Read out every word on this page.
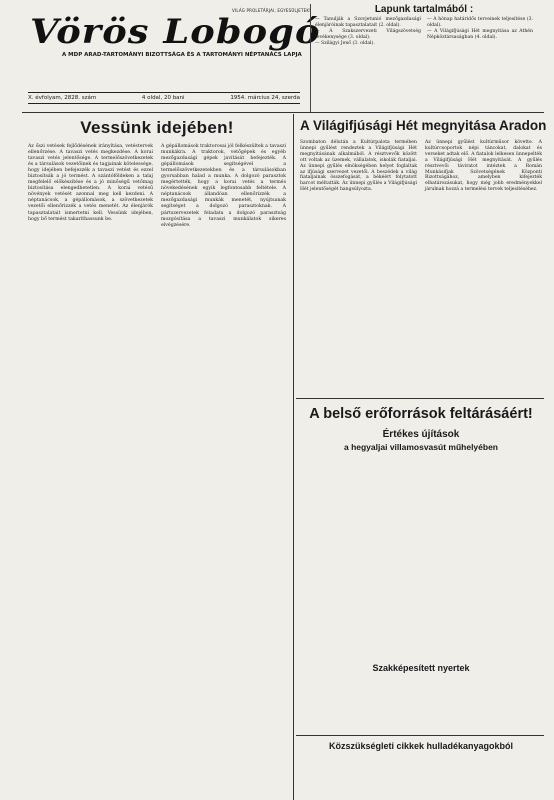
VILÁG PROLETÁRJAI, EGYESÜLJETEK!
Vörös Lobogó
A MDP ARAD-TARTOMÁNYI BIZOTTSÁGA ÉS A TARTOMÁNYI NÉPTANÁCS LAPJA
X. évfolyam, 2828. szám	4 oldal, 20 bani	1954. március 24, szerda
Lapunk tartalmából :
— Tanulják a Szovjetunió mezőgazdasági élenjáróinak tapasztalatait (2. oldal).
— A Szakszervezeti Világszövetség tevékenysége (3. oldal).
— Szilágyi Jenő (3. oldal).
— A hónap határidős terveinek teljesítése (3. oldal).
— A Világifjúsági Hét megnyitása az Athén Népköztársaságban (4. oldal).
Vessünk idejében!
Az őszi vetések fejlődésének irányítása, vetéstervek ellenőrzése. A tavaszi vetés megkezdése. A korai tavaszi vetés jelentősége. A termelőszövetkezetek és a társulások vezetőinek és tagjainak kötelessége, hogy idejében befejezzék a tavaszi vetést és ezzel biztosítsák a jó termést. A szántóföldeken a talaj megfelelő előkészítése és a jó minőségű vetőmag biztosítása elengedhetetlen. A korai vetésű növények vetését azonnal meg kell kezdeni. A néptanácsok, a gépállomások, a szövetkezetek vezetői ellenőrizzék a vetés menetét. Az élenjárók tapasztalatait ismertetni kell. Vessünk idejében, hogy bő termést takaríthassunk be.
A gépállomások traktorosai jól felkészültek a tavaszi munkákra. A traktorok, vetőgépek és egyéb mezőgazdasági gépek javítását befejezték. A gépállomások segítségével a termelőszövetkezetekben és a társulásokban gyorsabban halad a munka. A dolgozó parasztok megértették, hogy a korai vetés a termés növekedésének egyik legfontosabb feltétele. A néptanácsok állandóan ellenőrizzék a mezőgazdasági munkák menetét, nyújtsanak segítséget a dolgozó parasztoknak. A pártszervezetek feladata a dolgozó parasztság mozgósítása a tavaszi munkálatok sikeres elvégzésére.
A Világifjúsági Hét megnyitása Aradon
Szombaton délután a Kultúrpalota termében ünnepi gyűlést rendeztek a Világifjúsági Hét megnyitásának alkalmából. A résztvevők között ott voltak az üzemek, vállalatok, iskolák fiataljai. Az ünnepi gyűlés elnökségében helyet foglaltak az ifjúsági szervezet vezetői. A beszédek a világ fiataljainak összefogását, a békéért folytatott harcot méltatták. Az ünnepi gyűlés a Világifjúsági Hét jelentőségét hangsúlyozta.
Az ünnepi gyűlést kultúrműsor követte. A kultúrcsoportok népi táncokat, dalokat és verseket adtak elő. A fiatalok lelkesen ünnepelték a Világifjúsági Hét megnyitását. A gyűlés résztvevői táviratot intéztek a Román Munkásifjak Szövetségének Központi Bizottságához, amelyben kifejezték elhatározásukat, hogy még jobb eredményekkel járulnak hozzá a termelési tervek teljesítéséhez.
A belső erőforrások feltárásáért!
Értékes újítások
a hegyaljai villamosvasút műhelyében
Szakképesített nyertek
Közszükségleti cikkek hulladékanyagokból
